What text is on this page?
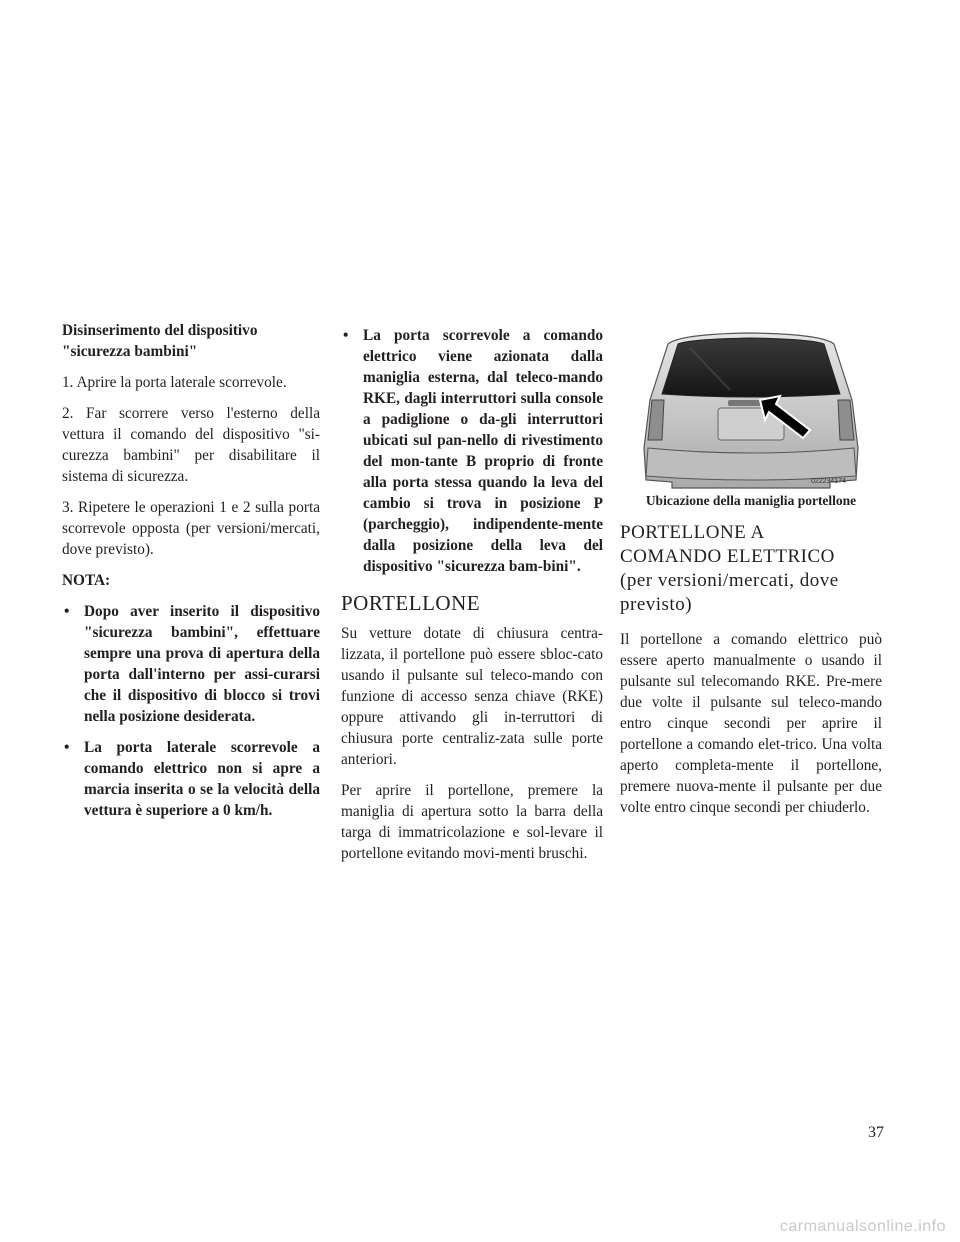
Disinserimento del dispositivo
"sicurezza bambini"

1. Aprire la porta laterale scorrevole.

2. Far scorrere verso l'esterno della vettura il comando del dispositivo "si-curezza bambini" per disabilitare il sistema di sicurezza.

3. Ripetere le operazioni 1 e 2 sulla porta scorrevole opposta (per versioni/mercati, dove previsto).

NOTA:

• Dopo aver inserito il dispositivo "sicurezza bambini", effettuare sempre una prova di apertura della porta dall'interno per assi-curarsi che il dispositivo di blocco si trovi nella posizione desiderata.
• La porta laterale scorrevole a comando elettrico non si apre a marcia inserita o se la velocità della vettura è superiore a 0 km/h.
• La porta scorrevole a comando elettrico viene azionata dalla maniglia esterna, dal teleco-mando RKE, dagli interruttori sulla console a padiglione o da-gli interruttori ubicati sul pan-nello di rivestimento del mon-tante B proprio di fronte alla porta stessa quando la leva del cambio si trova in posizione P (parcheggio), indipendente-mente dalla posizione della leva del dispositivo "sicurezza bam-bini".
PORTELLONE

Su vetture dotate di chiusura centra-lizzata, il portellone può essere sbloc-cato usando il pulsante sul teleco-mando con funzione di accesso senza chiave (RKE) oppure attivando gli in-terruttori di chiusura porte centraliz-zata sulle porte anteriori.

Per aprire il portellone, premere la maniglia di apertura sotto la barra della targa di immatricolazione e sol-levare il portellone evitando movi-menti bruschi.

022234174
Ubicazione della maniglia portellone
PORTELLONE A
COMANDO ELETTRICO
(per versioni/mercati, dove
previsto)

Il portellone a comando elettrico può essere aperto manualmente o usando il pulsante sul telecomando RKE. Pre-mere due volte il pulsante sul teleco-mando entro cinque secondi per aprire il portellone a comando elet-trico. Una volta aperto completa-mente il portellone, premere nuova-mente il pulsante per due volte entro cinque secondi per chiuderlo.

37
carmanualsonline.info
